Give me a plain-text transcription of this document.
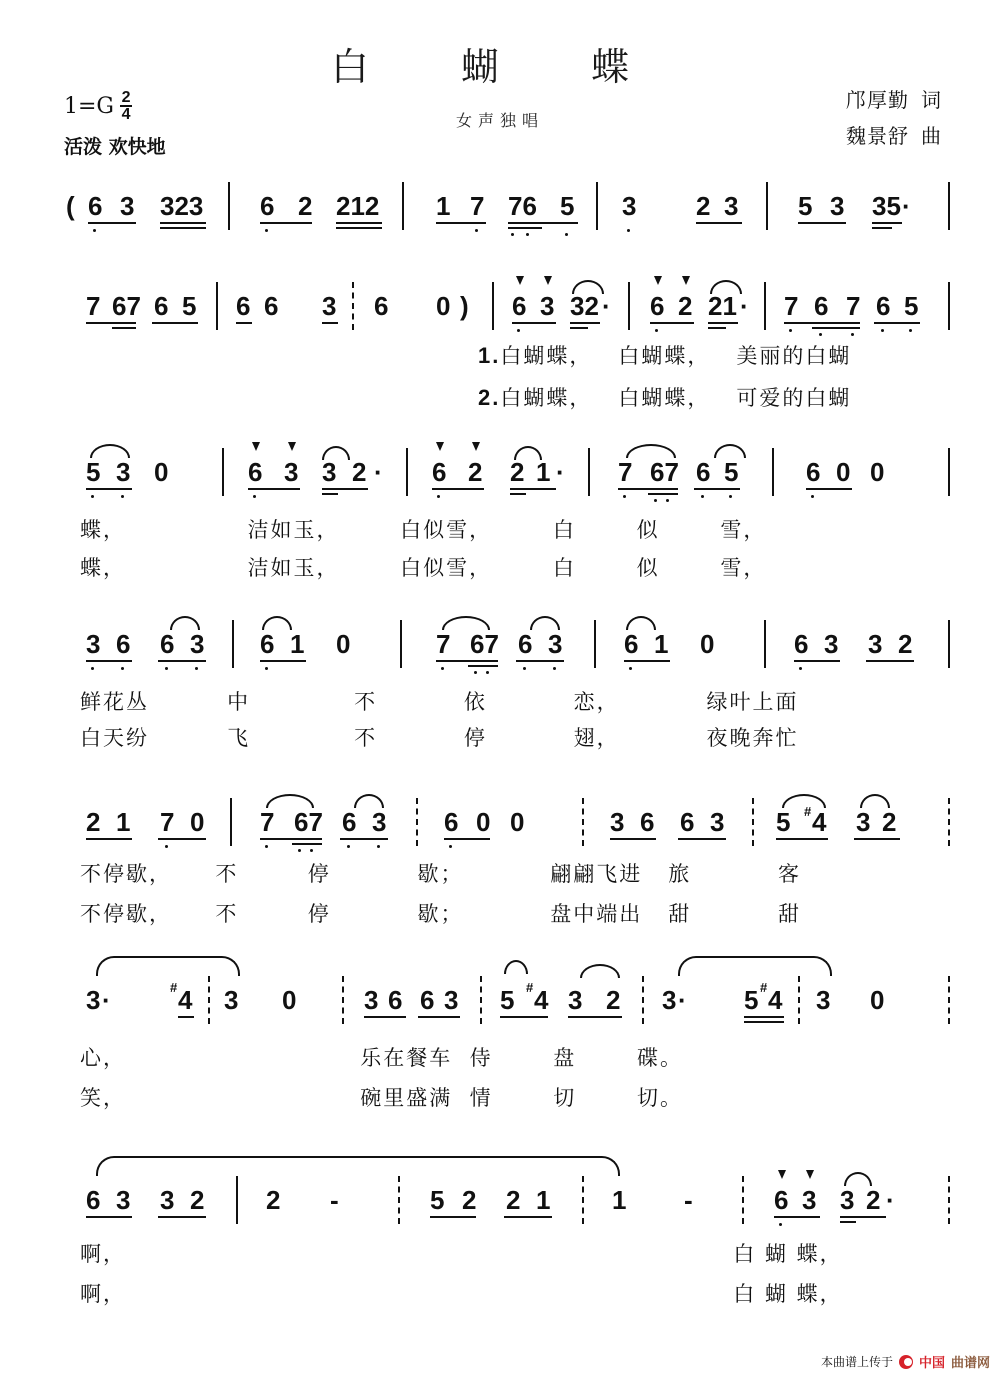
白 蝴 蝶
女声独唱
$1=G \frac{2}{4}$
活泼 欢快地
邝厚勤 词
魏景舒 曲
( 6 3 323 6 2 212 1 7 76 5 3 2 3 5 3 35 ·
7 67 6 5 6 6 3 6 0 ) 6 3 32 · 6 2 21 · 7 6 7 6 5
1.白蝴蝶，   白蝴蝶，   美丽的白蝴
2.白蝴蝶，   白蝴蝶，   可爱的白蝴
5 3 0	6 3 3 2 · 6 2 2 1 · 7 67 6 5	6 0 0
蝶，              洁如玉，       白似雪，       白       似       雪，
蝶，              洁如玉，       白似雪，       白       似       雪，
3 6 6 3 6 1 0	7 67 6 3 6 1 0	6 3 3 2
鲜花丛         中            不          依          恋，          绿叶上面
白天纷         飞            不          停          翅，          夜晚奔忙
2 1 7 0 7 67 6 3 6 0 0	3 6 6 3 5 # 4 3 2
不停歇，     不        停          歇；          翩翩飞进   旅          客
不停歇，     不        停          歇；          盘中端出   甜          甜
3 ·	# 4 3 0	3 6 6 3 5 # 4 3 2 3 · 5 # 4 3 0
心，                           乐在餐车  侍       盘       碟。
笑，                           碗里盛满  情       切       切。
6 3 3 2 2 -	5 2 2 1 1 -	6 3 3 2 ·
啊，                                                                      白 蝴 蝶，
啊，                                                                      白 蝴 蝶，
本曲谱上传于 中国 曲谱网
